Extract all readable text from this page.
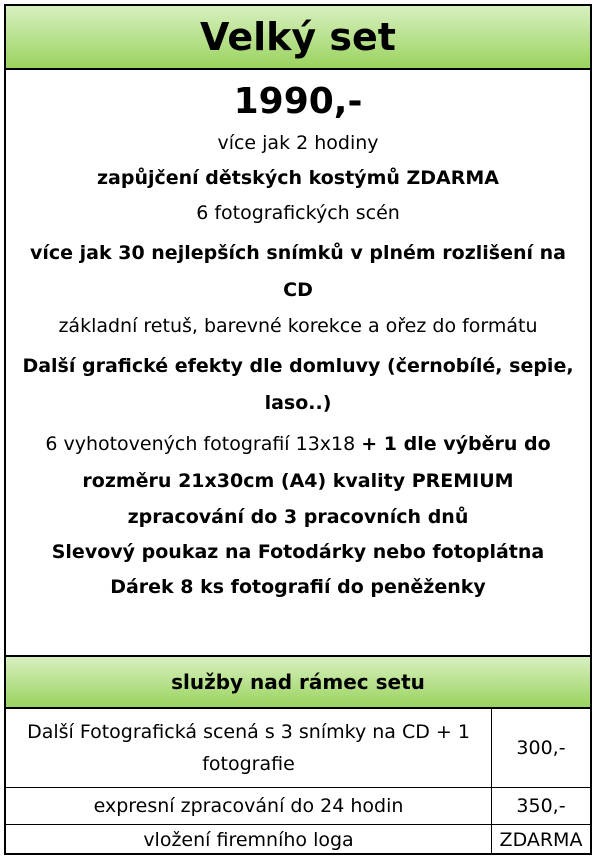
Velký set
1990,-
více jak 2 hodiny
zapůjčení dětských kostýmů ZDARMA
6 fotografických scén
více jak 30 nejlepších snímků v plném rozlišení na CD
základní retuš, barevné korekce a ořez do formátu
Další grafické efekty dle domluvy (černobílé, sepie, laso..)
6 vyhotovených fotografií 13x18 + 1 dle výběru do rozměru 21x30cm (A4) kvality PREMIUM
zpracování do 3 pracovních dnů
Slevový poukaz na Fotodárky nebo fotoplátna
Dárek 8 ks fotografií do peněženky
služby nad rámec setu
Další Fotografická scená s 3 snímky na CD + 1 fotografie	300,-
expresní zpracování do 24 hodin	350,-
vložení firemního loga	ZDARMA
